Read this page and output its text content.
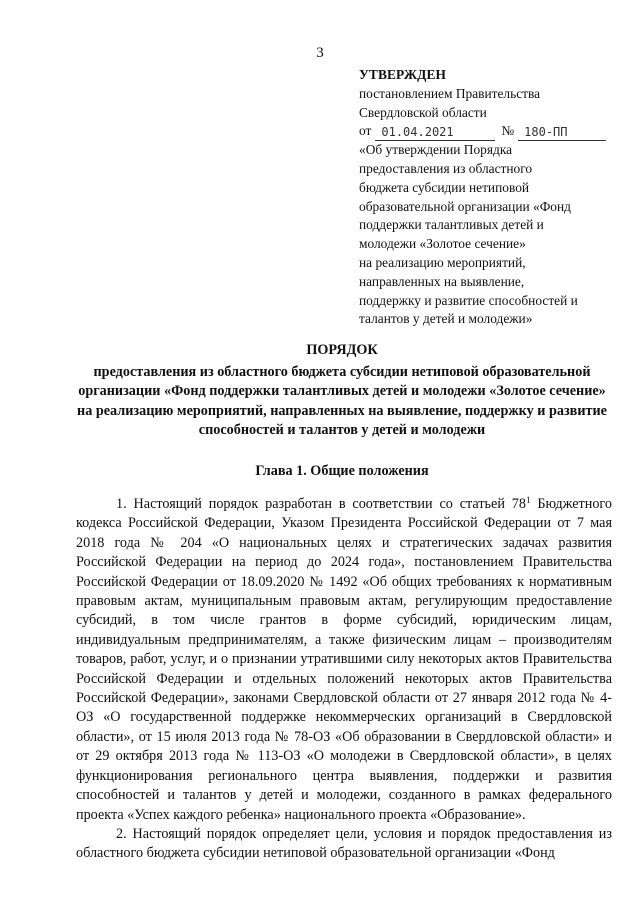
3
УТВЕРЖДЕН
постановлением Правительства
Свердловской области
от 01.04.2021	№ 180-ПП
«Об утверждении Порядка
предоставления из областного
бюджета субсидии нетиповой
образовательной организации «Фонд
поддержки талантливых детей и
молодежи «Золотое сечение»
на реализацию мероприятий,
направленных на выявление,
поддержку и развитие способностей и
талантов у детей и молодежи»
ПОРЯДОК
предоставления из областного бюджета субсидии нетиповой образовательной организации «Фонд поддержки талантливых детей и молодежи «Золотое сечение» на реализацию мероприятий, направленных на выявление, поддержку и развитие способностей и талантов у детей и молодежи
Глава 1. Общие положения

1. Настоящий порядок разработан в соответствии со статьей $78^1$ Бюджетного кодекса Российской Федерации, Указом Президента Российской Федерации от 7 мая 2018 года № 204 «О национальных целях и стратегических задачах развития Российской Федерации на период до 2024 года», постановлением Правительства Российской Федерации от 18.09.2020 № 1492 «Об общих требованиях к нормативным правовым актам, муниципальным правовым актам, регулирующим предоставление субсидий, в том числе грантов в форме субсидий, юридическим лицам, индивидуальным предпринимателям, а также физическим лицам – производителям товаров, работ, услуг, и о признании утратившими силу некоторых актов Правительства Российской Федерации и отдельных положений некоторых актов Правительства Российской Федерации», законами Свердловской области от 27 января 2012 года № 4-ОЗ «О государственной поддержке некоммерческих организаций в Свердловской области», от 15 июля 2013 года № 78-ОЗ «Об образовании в Свердловской области» и от 29 октября 2013 года № 113-ОЗ «О молодежи в Свердловской области», в целях функционирования регионального центра выявления, поддержки и развития способностей и талантов у детей и молодежи, созданного в рамках федерального проекта «Успех каждого ребенка» национального проекта «Образование».

2. Настоящий порядок определяет цели, условия и порядок предоставления из областного бюджета субсидии нетиповой образовательной организации «Фонд
